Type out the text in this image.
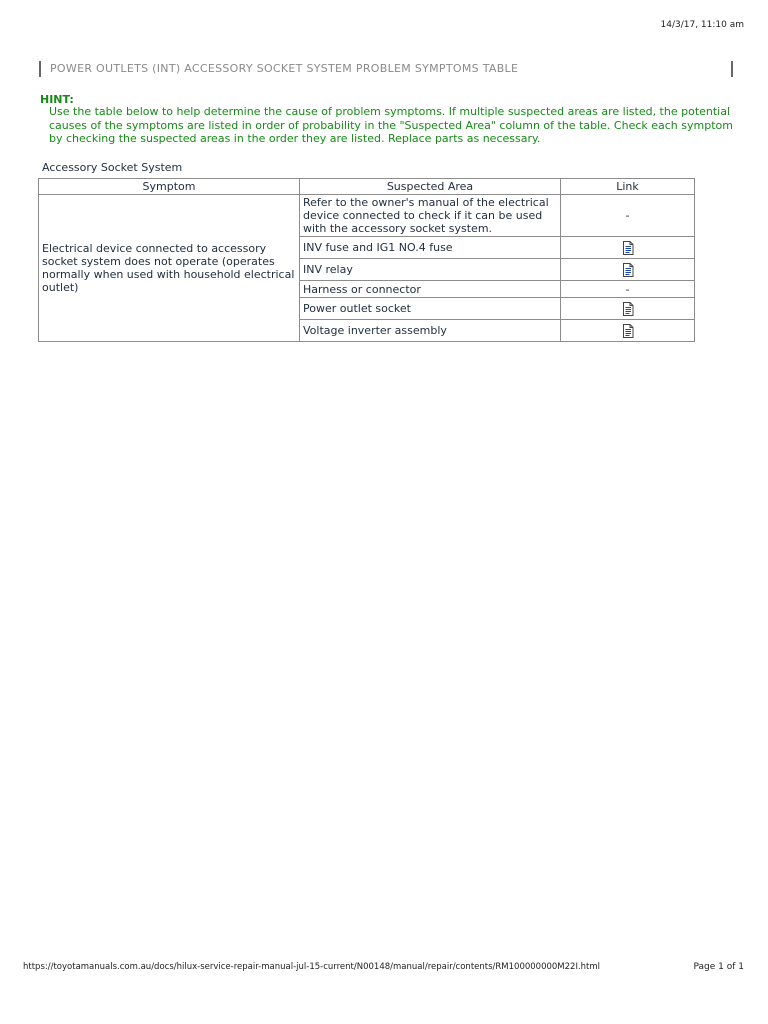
14/3/17, 11:10 am
POWER OUTLETS (INT) ACCESSORY SOCKET SYSTEM PROBLEM SYMPTOMS TABLE
HINT:
Use the table below to help determine the cause of problem symptoms. If multiple suspected areas are listed, the potential causes of the symptoms are listed in order of probability in the "Suspected Area" column of the table. Check each symptom by checking the suspected areas in the order they are listed. Replace parts as necessary.
Accessory Socket System
Symptom	Suspected Area	Link
Electrical device connected to accessory socket system does not operate (operates normally when used with household electrical outlet)	Refer to the owner's manual of the electrical device connected to check if it can be used with the accessory socket system.	-
	INV fuse and IG1 NO.4 fuse	
	INV relay	
	Harness or connector	-
	Power outlet socket	
	Voltage inverter assembly	
https://toyotamanuals.com.au/docs/hilux-service-repair-manual-jul-15-current/N00148/manual/repair/contents/RM100000000M22I.html	Page 1 of 1
